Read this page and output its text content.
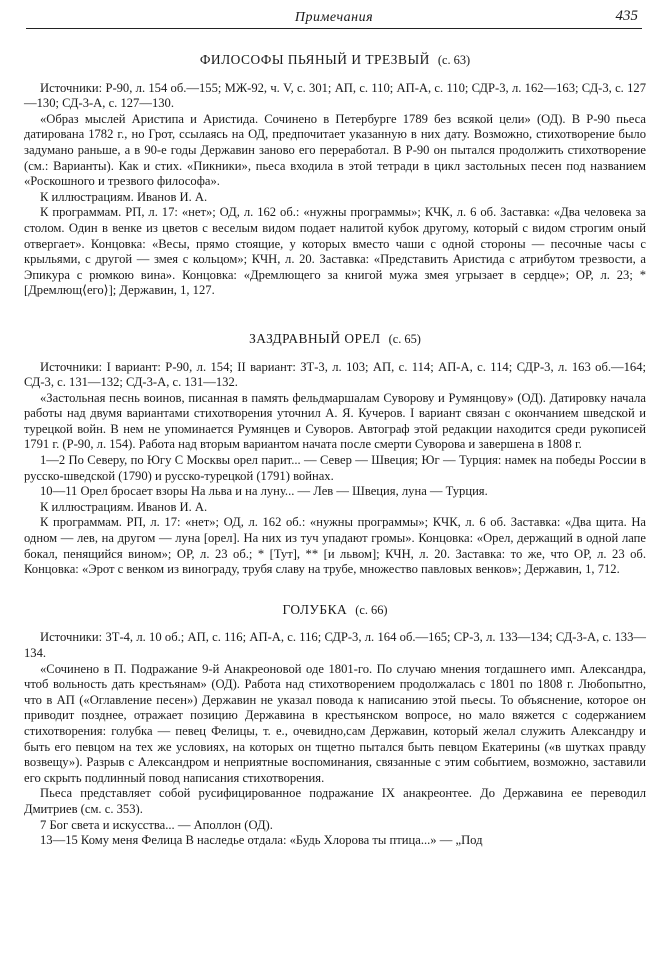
Примечания	435
ФИЛОСОФЫ ПЬЯНЫЙ И ТРЕЗВЫЙ (с. 63)

Источники: Р-90, л. 154 об.—155; МЖ-92, ч. V, с. 301; АП, с. 110; АП-А, с. 110; СДР-3, л. 162—163; СД-3, с. 127—130; СД-3-А, с. 127—130.

«Образ мыслей Аристипа и Аристида. Сочинено в Петербурге 1789 без всякой цели» (ОД). В Р-90 пьеса датирована 1782 г., но Грот, ссылаясь на ОД, предпочитает указанную в них дату. Возможно, стихотворение было задумано раньше, а в 90-е годы Державин заново его переработал. В Р-90 он пытался продолжить стихотворение (см.: Варианты). Как и стих. «Пикники», пьеса входила в этой тетради в цикл застольных песен под названием «Роскошного и трезвого философа».

К иллюстрациям. Иванов И. А.

К программам. РП, л. 17: «нет»; ОД, л. 162 об.: «нужны программы»; КЧК, л. 6 об. Заставка: «Два человека за столом. Один в венке из цветов с веселым видом подает налитой кубок другому, который с видом строгим оный отвергает». Концовка: «Весы, прямо стоящие, у которых вместо чаши с одной стороны — песочные часы с крыльями, с другой — змея с кольцом»; КЧН, л. 20. Заставка: «Представить Аристида с атрибутом трезвости, а Эпикура с рюмкою вина». Концовка: «Дремлющего за книгой мужа змея угрызает в сердце»; ОР, л. 23; * [Дремлющ⟨его⟩]; Державин, 1, 127.

ЗАЗДРАВНЫЙ ОРЕЛ (с. 65)

Источники: I вариант: Р-90, л. 154; II вариант: ЗТ-3, л. 103; АП, с. 114; АП-А, с. 114; СДР-3, л. 163 об.—164; СД-3, с. 131—132; СД-3-А, с. 131—132.

«Застольная песнь воинов, писанная в память фельдмаршалам Суворову и Румянцову» (ОД). Датировку начала работы над двумя вариантами стихотворения уточнил А. Я. Кучеров. I вариант связан с окончанием шведской и турецкой войн. В нем не упоминается Румянцев и Суворов. Автограф этой редакции находится среди рукописей 1791 г. (Р-90, л. 154). Работа над вторым вариантом начата после смерти Суворова и завершена в 1808 г.

1—2 По Северу, по Югу С Москвы орел парит... — Север — Швеция; Юг — Турция: намек на победы России в русско-шведской (1790) и русско-турецкой (1791) войнах.

10—11 Орел бросает взоры На льва и на луну... — Лев — Швеция, луна — Турция.

К иллюстрациям. Иванов И. А.

К программам. РП, л. 17: «нет»; ОД, л. 162 об.: «нужны программы»; КЧК, л. 6 об. Заставка: «Два щита. На одном — лев, на другом — луна [орел]. На них из туч упадают громы». Концовка: «Орел, держащий в одной лапе бокал, пенящийся вином»; ОР, л. 23 об.; * [Тут], ** [и львом]; КЧН, л. 20. Заставка: то же, что ОР, л. 23 об. Концовка: «Эрот с венком из винограду, трубя славу на трубе, множество павловых венков»; Державин, 1, 712.

ГОЛУБКА (с. 66)

Источники: ЗТ-4, л. 10 об.; АП, с. 116; АП-А, с. 116; СДР-3, л. 164 об.—165; СР-3, л. 133—134; СД-3-А, с. 133—134.

«Сочинено в П. Подражание 9-й Анакреоновой оде 1801-го. По случаю мнения тогдашнего имп. Александра, чтоб вольность дать крестьянам» (ОД). Работа над стихотворением продолжалась с 1801 по 1808 г. Любопытно, что в АП («Оглавление песен») Державин не указал повода к написанию этой пьесы. То объяснение, которое он приводит позднее, отражает позицию Державина в крестьянском вопросе, но мало вяжется с содержанием стихотворения: голубка — певец Фелицы, т. е., очевидно,сам Державин, который желал служить Александру и быть его певцом на тех же условиях, на которых он тщетно пытался быть певцом Екатерины («в шутках правду возвещу»). Разрыв с Александром и неприятные воспоминания, связанные с этим событием, возможно, заставили его скрыть подлинный повод написания стихотворения.

Пьеса представляет собой русифицированное подражание IX анакреонтее. До Державина ее переводил Дмитриев (см. с. 353).

7 Бог света и искусства... — Аполлон (ОД).

13—15 Кому меня Фелица В наследье отдала: «Будь Хлорова ты птица...» — „Под
